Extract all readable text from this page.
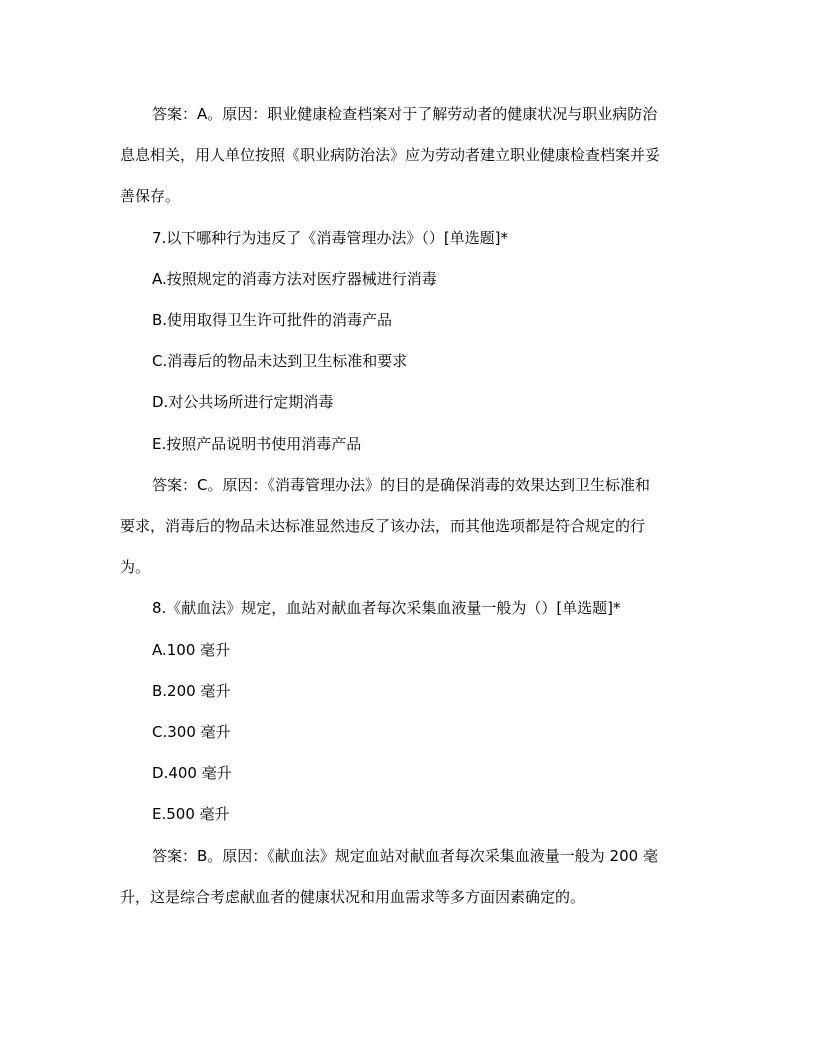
答案：A。原因：职业健康检查档案对于了解劳动者的健康状况与职业病防治

息息相关，用人单位按照《职业病防治法》应为劳动者建立职业健康检查档案并妥

善保存。

7.以下哪种行为违反了《消毒管理办法》（）[单选题]*

A.按照规定的消毒方法对医疗器械进行消毒

B.使用取得卫生许可批件的消毒产品

C.消毒后的物品未达到卫生标准和要求

D.对公共场所进行定期消毒

E.按照产品说明书使用消毒产品

答案：C。原因：《消毒管理办法》的目的是确保消毒的效果达到卫生标准和

要求，消毒后的物品未达标准显然违反了该办法，而其他选项都是符合规定的行

为。

8.《献血法》规定，血站对献血者每次采集血液量一般为（）[单选题]*

A.100 毫升

B.200 毫升

C.300 毫升

D.400 毫升

E.500 毫升

答案：B。原因：《献血法》规定血站对献血者每次采集血液量一般为 200 毫

升，这是综合考虑献血者的健康状况和用血需求等多方面因素确定的。
